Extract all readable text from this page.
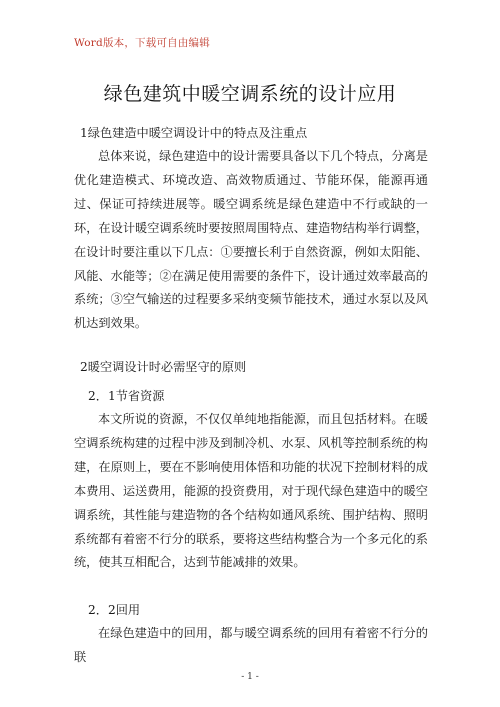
Word版本，下载可自由编辑
绿色建筑中暖空调系统的设计应用
1绿色建造中暖空调设计中的特点及注重点

总体来说，绿色建造中的设计需要具备以下几个特点，分离是优化建造模式、环境改造、高效物质通过、节能环保，能源再通过、保证可持续进展等。暖空调系统是绿色建造中不行或缺的一环，在设计暖空调系统时要按照周围特点、建造物结构举行调整，在设计时要注重以下几点：①要擅长利于自然资源，例如太阳能、风能、水能等；②在满足使用需要的条件下，设计通过效率最高的系统；③空气输送的过程要多采纳变频节能技术，通过水泵以及风机达到效果。

2暖空调设计时必需坚守的原则
2．1节省资源

本文所说的资源，不仅仅单纯地指能源，而且包括材料。在暖空调系统构建的过程中涉及到制冷机、水泵、风机等控制系统的构建，在原则上，要在不影响使用体悟和功能的状况下控制材料的成本费用、运送费用，能源的投资费用，对于现代绿色建造中的暖空调系统，其性能与建造物的各个结构如通风系统、围护结构、照明系统都有着密不行分的联系，要将这些结构整合为一个多元化的系统，使其互相配合，达到节能减排的效果。

2．2回用

在绿色建造中的回用，都与暖空调系统的回用有着密不行分的联

- 1 -
